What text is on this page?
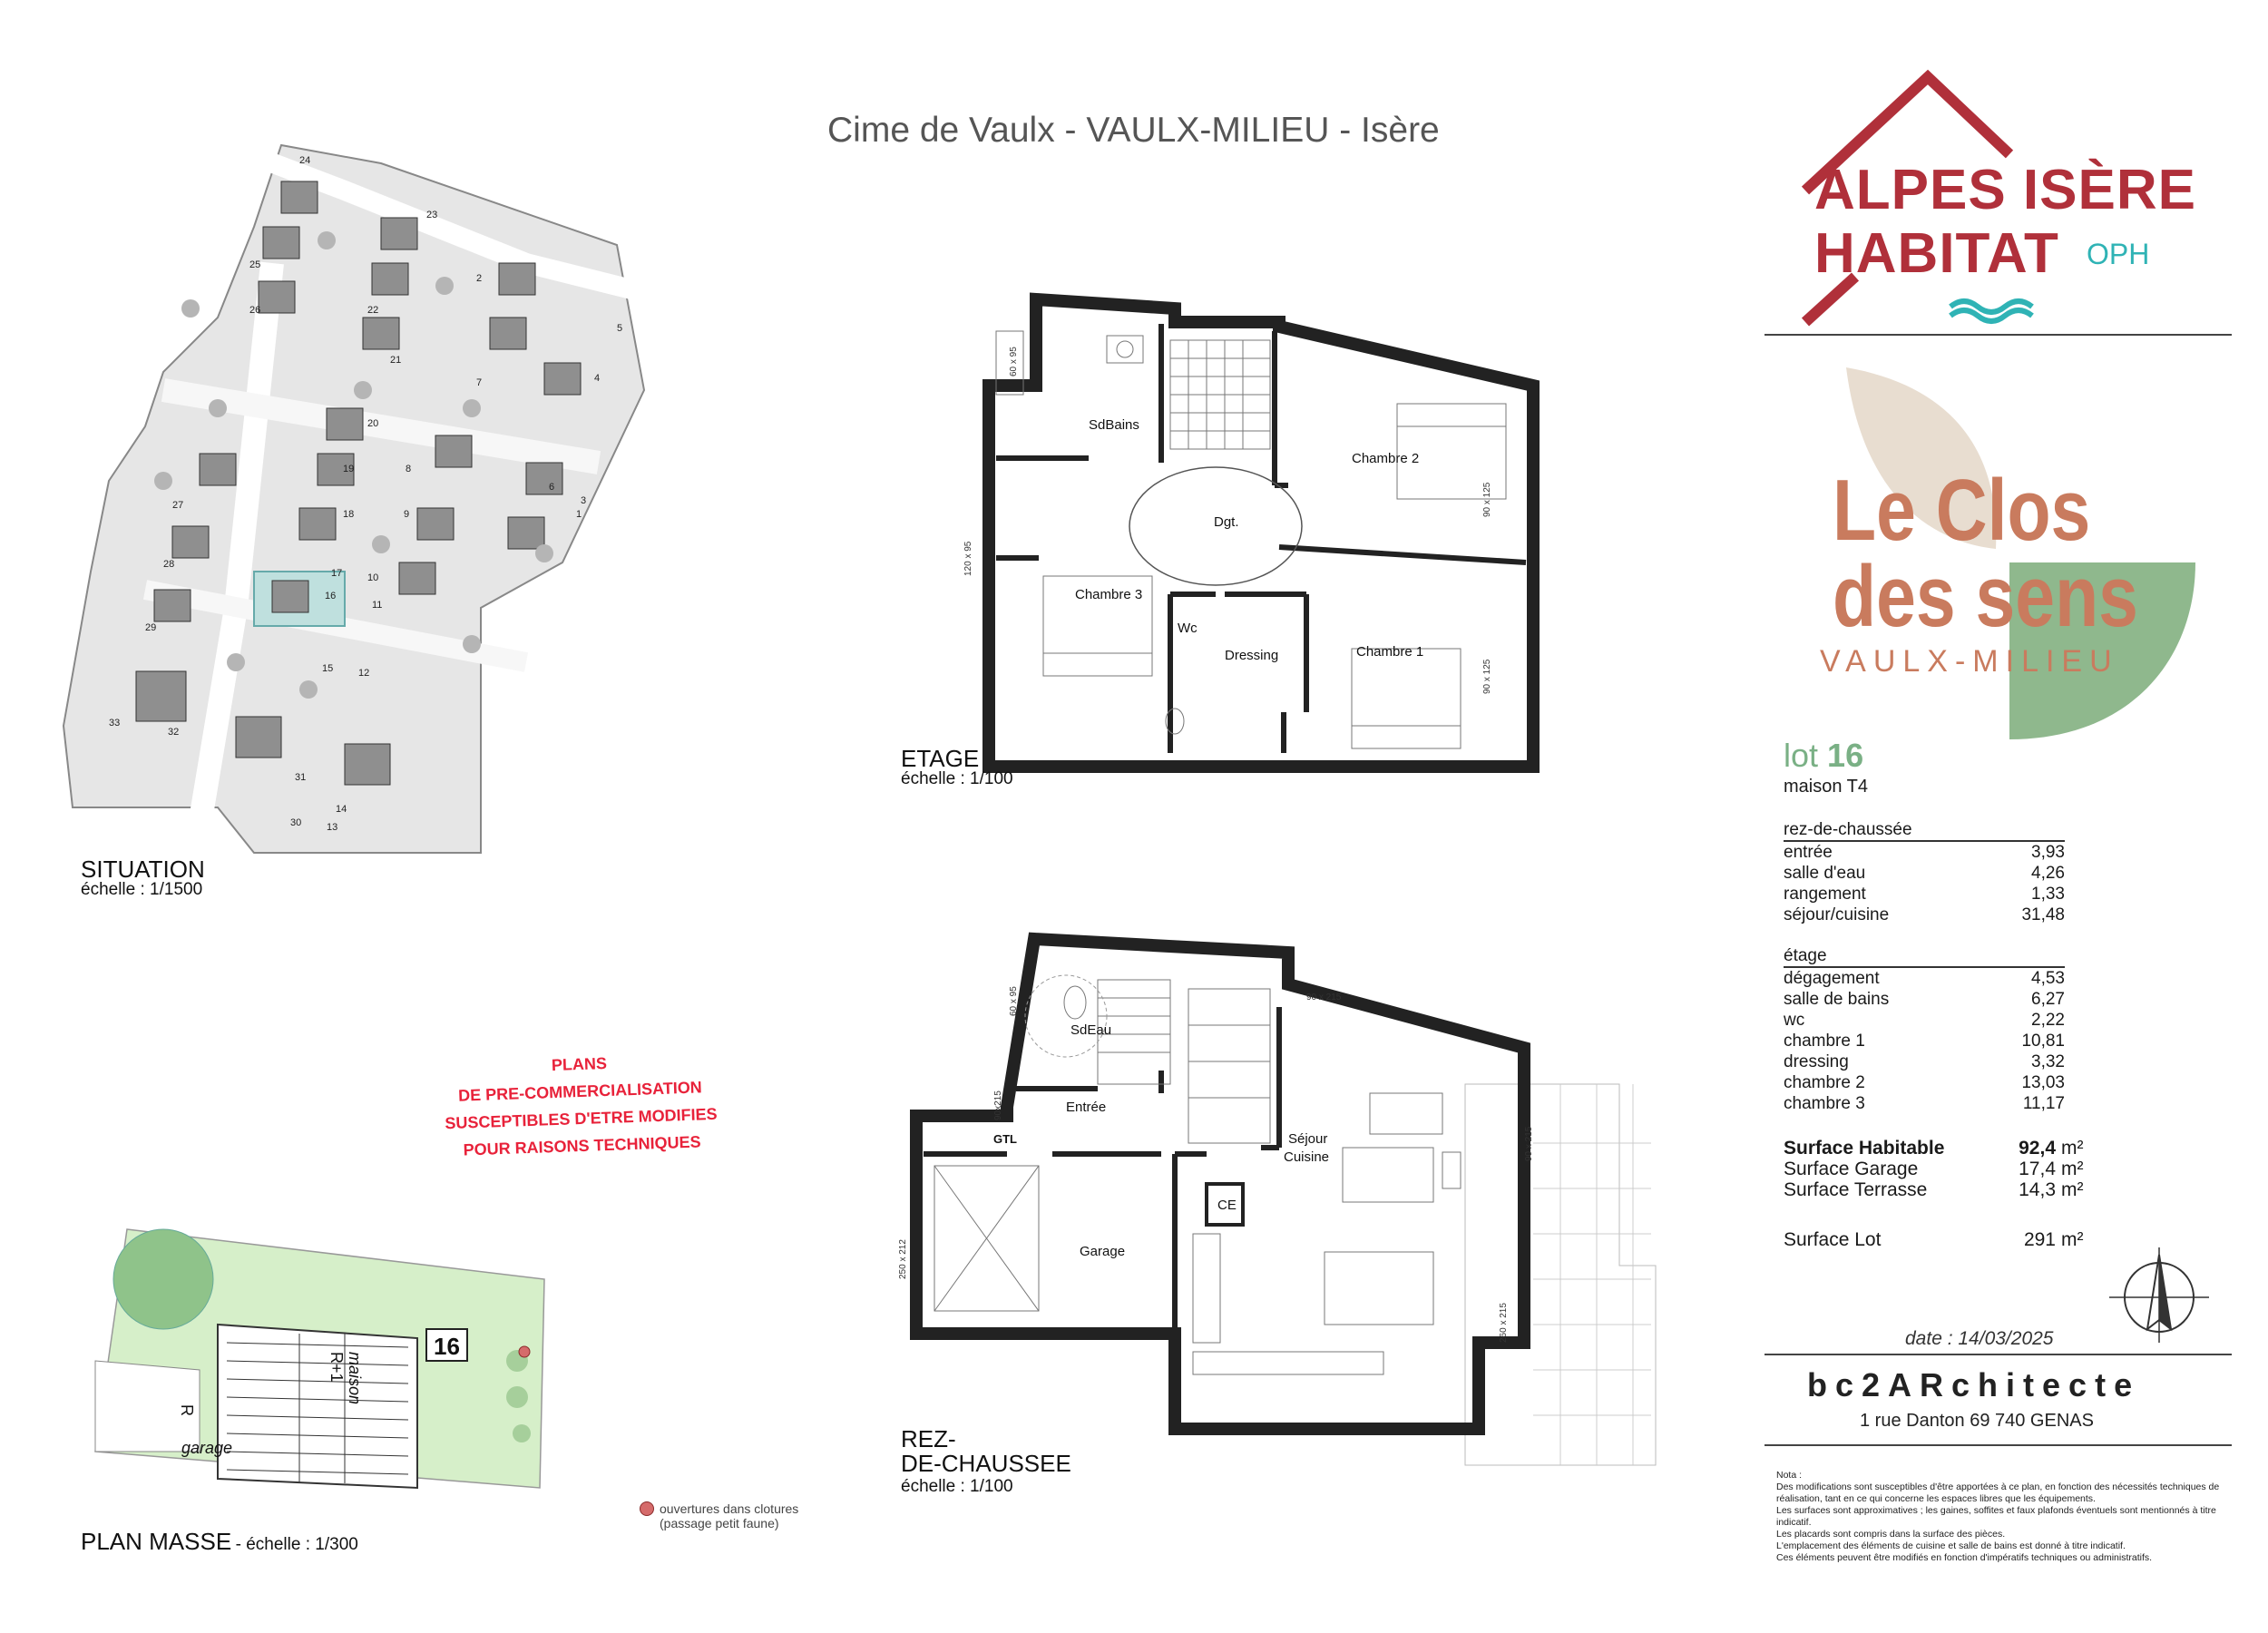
Cime de Vaulx - VAULX-MILIEU - Isère
24
23
25
26
2
22
21
5
7	4
20
19
18
17
16
15
11
10
9
8
3
27
28
29
33
32
12
31
30	13
14
6
1
SITUATION
échelle : 1/1500
SdBains
Chambre 2
Dgt.
Chambre 3
Wc
Dressing	Chambre 1
60 x 95
90 x 125
120 x 95
90 x 125
ETAGE
échelle : 1/100
PLANS
DE PRE-COMMERCIALISATION
SUSCEPTIBLES D'ETRE MODIFIES
POUR RAISONS TECHNIQUES
SdEau
Entrée
Séjour
Cuisine
Garage
CE
GTL
90 x 215
90x215
60 x 95
250 x 212
260 x 215
90 x 215
REZ-
DE-CHAUSSEE
échelle : 1/100
16
R
R+1 maison
garage
PLAN MASSE - échelle : 1/300
ouvertures dans clotures
(passage petit faune)
ALPES ISÈRE
HABITAT OPH
Le Clos
des sens
VAULX-MILIEU
lot 16
maison T4
rez-de-chaussée
entrée	3,93
salle d'eau	4,26
rangement	1,33
séjour/cuisine	31,48
étage
dégagement	4,53
salle de bains	6,27
wc	2,22
chambre 1	10,81
dressing	3,32
chambre 2	13,03
chambre 3	11,17
Surface Habitable	92,4	m²
Surface Garage	17,4	m²
Surface Terrasse	14,3	m²
Surface Lot	291	m²
date : 14/03/2025
bc2ARchitecte
1 rue Danton 69 740 GENAS
Nota :
Des modifications sont susceptibles d'être apportées à ce plan, en fonction des nécessités techniques de réalisation, tant en ce qui concerne les espaces libres que les équipements.
Les surfaces sont approximatives ; les gaines, soffites et faux plafonds éventuels sont mentionnés à titre indicatif.
Les placards sont compris dans la surface des pièces.
L'emplacement des éléments de cuisine et salle de bains est donné à titre indicatif.
Ces éléments peuvent être modifiés en fonction d'impératifs techniques ou administratifs.
